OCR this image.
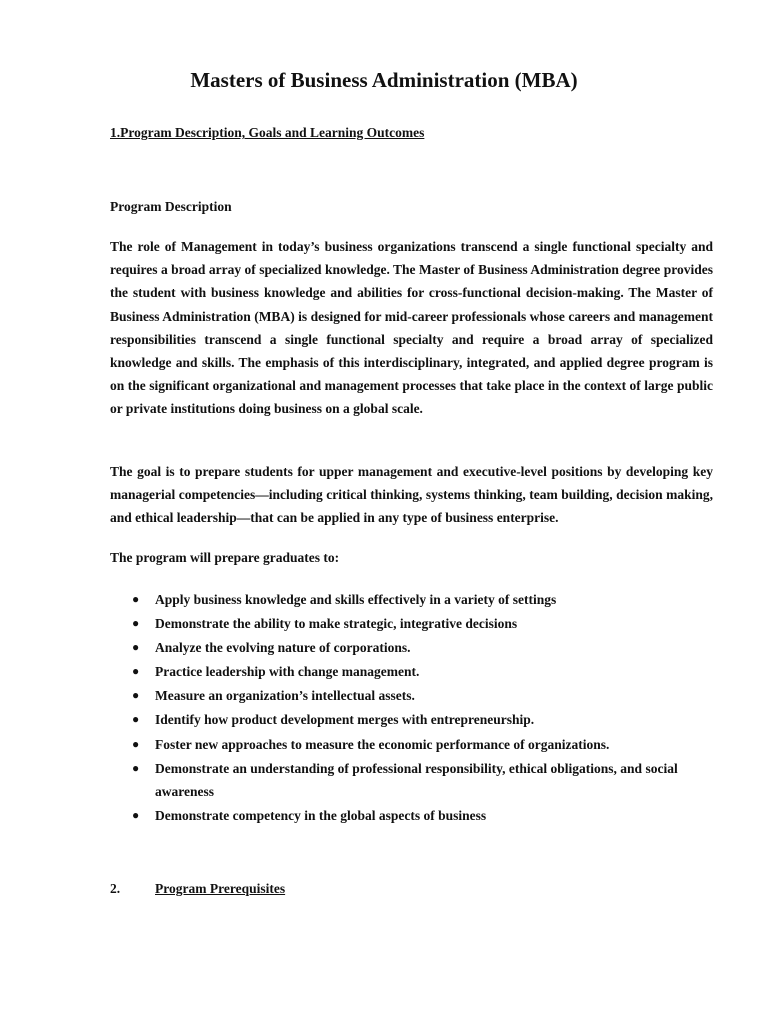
Masters of Business Administration (MBA)
1.Program Description, Goals and Learning Outcomes
Program Description

The role of Management in today’s business organizations transcend a single functional specialty and requires a broad array of specialized knowledge. The Master of Business Administration degree provides the student with business knowledge and abilities for cross-functional decision-making. The Master of Business Administration (MBA) is designed for mid-career professionals whose careers and management responsibilities transcend a single functional specialty and require a broad array of specialized knowledge and skills. The emphasis of this interdisciplinary, integrated, and applied degree program is on the significant organizational and management processes that take place in the context of large public or private institutions doing business on a global scale.

The goal is to prepare students for upper management and executive-level positions by developing key managerial competencies—including critical thinking, systems thinking, team building, decision making, and ethical leadership—that can be applied in any type of business enterprise.

The program will prepare graduates to:

● Apply business knowledge and skills effectively in a variety of settings
● Demonstrate the ability to make strategic, integrative decisions
● Analyze the evolving nature of corporations.
● Practice leadership with change management.
● Measure an organization’s intellectual assets.
● Identify how product development merges with entrepreneurship.
● Foster new approaches to measure the economic performance of organizations.
● Demonstrate an understanding of professional responsibility, ethical obligations, and social awareness
● Demonstrate competency in the global aspects of business
2.	Program Prerequisites
